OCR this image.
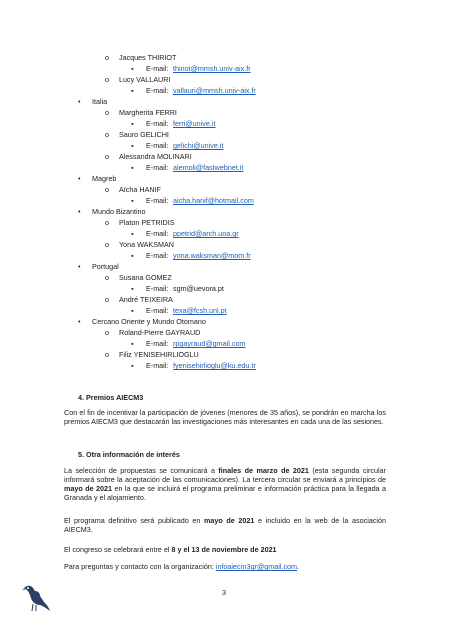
o Jacques THIRIOT
▪ E-mail: thiriot@mmsh.univ-aix.fr
o Lucy VALLAURI
▪ E-mail: vallauri@mmsh.univ-aix.fr
• Italia
o Margherita FERRI
▪ E-mail: ferri@unive.it
o Sauro GELICHI
▪ E-mail: gelichi@unive.it
o Alessandra MOLINARI
▪ E-mail: alemoli@fastwebnet.it
• Magreb
o Aïcha HANIF
▪ E-mail: aicha.hanif@hotmail.com
• Mundo Bizantino
o Platon PETRIDIS
▪ E-mail: ppetrid@arch.uoa.gr
o Yona WAKSMAN
▪ E-mail: yona.waksman@mom.fr
• Portugal
o Susana GOMEZ
▪ E-mail: sgm@uevora.pt
o André TEIXEIRA
▪ E-mail: texa@fcsh.unl.pt
• Cercano Oriente y Mundo Otomano
o Roland-Pierre GAYRAUD
▪ E-mail: rpgayraud@gmail.com
o Filiz YENISEHIRLIOGLU
▪ E-mail: fyenisehirlioglu@ku.edu.tr
4. Premios AIECM3
Con el fin de incentivar la participación de jóvenes (menores de 35 años), se pondrán en marcha los premios AIECM3 que destacarán las investigaciones más interesantes en cada una de las sesiones.
5. Otra información de interés
La selección de propuestas se comunicará a finales de marzo de 2021 (esta segunda circular informará sobre la aceptación de las comunicaciones). La tercera circular se enviará a principios de mayo de 2021 en la que se incluirá el programa preliminar e información práctica para la llegada a Granada y el alojamiento.
El programa definitivo será publicado en mayo de 2021 e incluido en la web de la asociación AIECM3.
El congreso se celebrará entre el 8 y el 13 de noviembre de 2021
Para preguntas y contacto con la organización: infoaiecm3gr@gmail.com.
3
